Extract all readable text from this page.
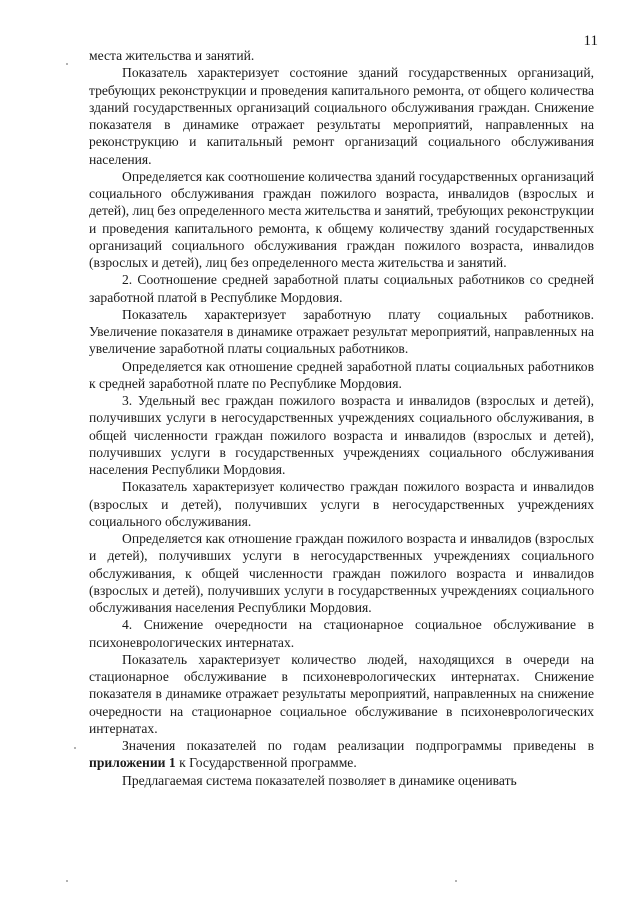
11

места жительства и занятий.

Показатель характеризует состояние зданий государственных организаций, требующих реконструкции и проведения капитального ремонта, от общего количества зданий государственных организаций социального обслуживания граждан. Снижение показателя в динамике отражает результаты мероприятий, направленных на реконструкцию и капитальный ремонт организаций социального обслуживания населения.

Определяется как соотношение количества зданий государственных организаций социального обслуживания граждан пожилого возраста, инвалидов (взрослых и детей), лиц без определенного места жительства и занятий, требующих реконструкции и проведения капитального ремонта, к общему количеству зданий государственных организаций социального обслуживания граждан пожилого возраста, инвалидов (взрослых и детей), лиц без определенного места жительства и занятий.

2. Соотношение средней заработной платы социальных работников со средней заработной платой в Республике Мордовия.

Показатель характеризует заработную плату социальных работников. Увеличение показателя в динамике отражает результат мероприятий, направленных на увеличение заработной платы социальных работников.

Определяется как отношение средней заработной платы социальных работников к средней заработной плате по Республике Мордовия.

3. Удельный вес граждан пожилого возраста и инвалидов (взрослых и детей), получивших услуги в негосударственных учреждениях социального обслуживания, в общей численности граждан пожилого возраста и инвалидов (взрослых и детей), получивших услуги в государственных учреждениях социального обслуживания населения Республики Мордовия.

Показатель характеризует количество граждан пожилого возраста и инвалидов (взрослых и детей), получивших услуги в негосударственных учреждениях социального обслуживания.

Определяется как отношение граждан пожилого возраста и инвалидов (взрослых и детей), получивших услуги в негосударственных учреждениях социального обслуживания, к общей численности граждан пожилого возраста и инвалидов (взрослых и детей), получивших услуги в государственных учреждениях социального обслуживания населения Республики Мордовия.

4. Снижение очередности на стационарное социальное обслуживание в психоневрологических интернатах.

Показатель характеризует количество людей, находящихся в очереди на стационарное обслуживание в психоневрологических интернатах. Снижение показателя в динамике отражает результаты мероприятий, направленных на снижение очередности на стационарное социальное обслуживание в психоневрологических интернатах.

Значения показателей по годам реализации подпрограммы приведены в приложении 1 к Государственной программе.

Предлагаемая система показателей позволяет в динамике оценивать
